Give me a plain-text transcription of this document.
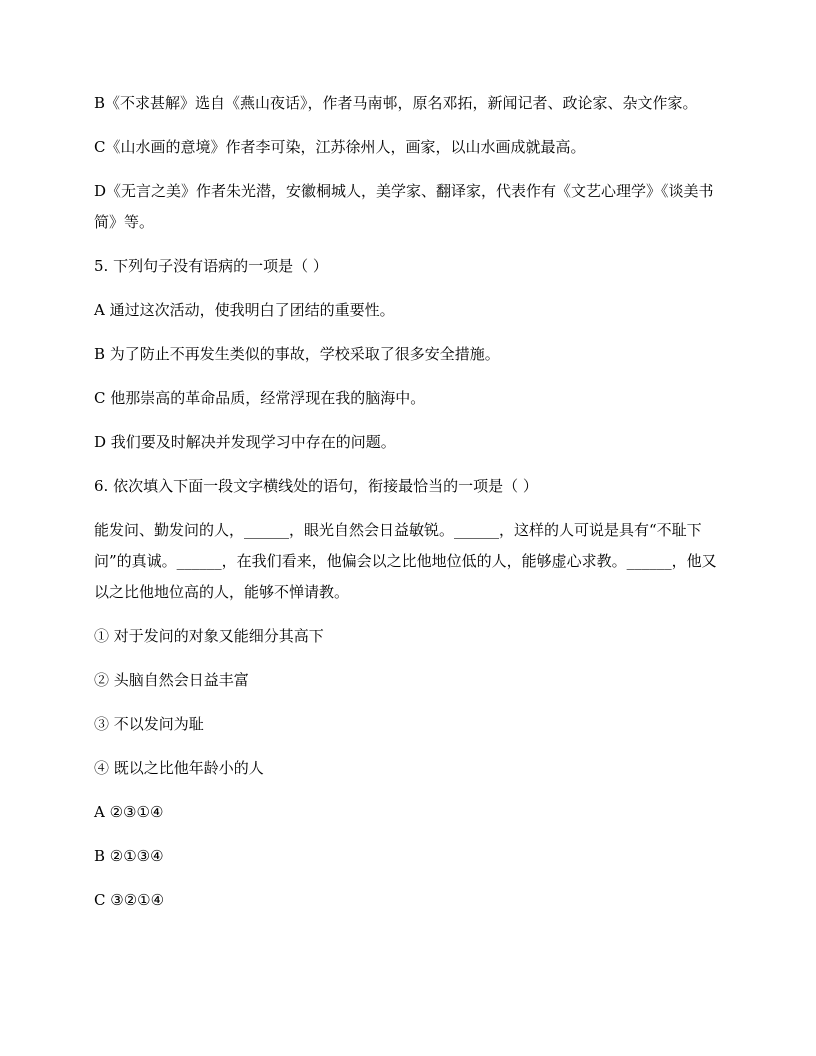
B《不求甚解》选自《燕山夜话》，作者马南邨，原名邓拓，新闻记者、政论家、杂文作家。

C《山水画的意境》作者李可染，江苏徐州人，画家，以山水画成就最高。

D《无言之美》作者朱光潜，安徽桐城人，美学家、翻译家，代表作有《文艺心理学》《谈美书简》等。

5. 下列句子没有语病的一项是（ ）

A 通过这次活动，使我明白了团结的重要性。

B 为了防止不再发生类似的事故，学校采取了很多安全措施。

C 他那崇高的革命品质，经常浮现在我的脑海中。

D 我们要及时解决并发现学习中存在的问题。

6. 依次填入下面一段文字横线处的语句，衔接最恰当的一项是（ ）

能发问、勤发问的人，______，眼光自然会日益敏锐。______，这样的人可说是具有“不耻下问”的真诚。______，在我们看来，他偏会以之比他地位低的人，能够虚心求教。______，他又以之比他地位高的人，能够不惮请教。

① 对于发问的对象又能细分其高下

② 头脑自然会日益丰富

③ 不以发问为耻

④ 既以之比他年龄小的人

A ②③①④

B ②①③④

C ③②①④
